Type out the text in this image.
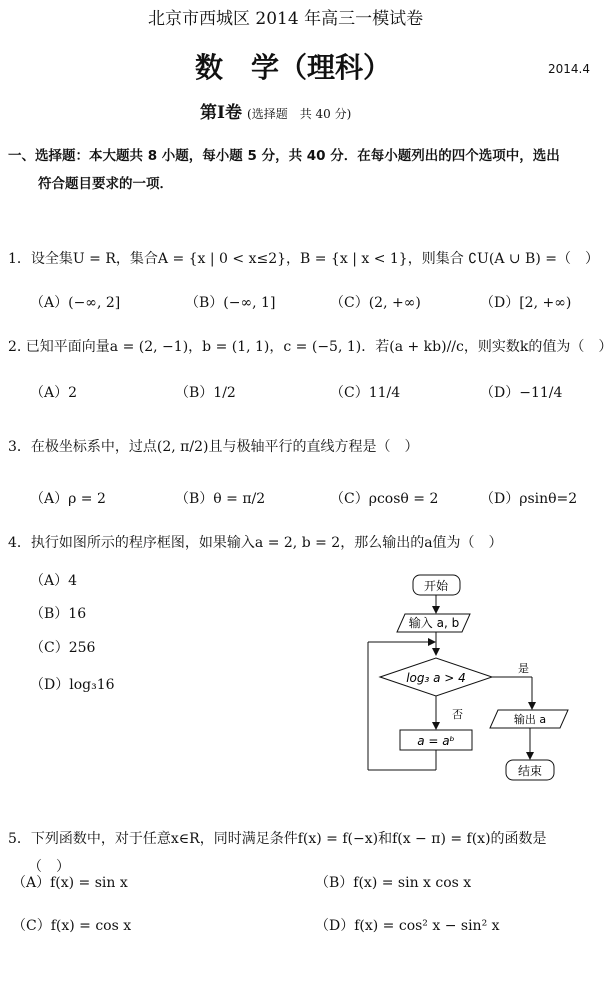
北京市西城区 2014 年高三一模试卷
数　学（理科）	2014.4
第Ⅰ卷 (选择题　共 40 分)
一、选择题：本大题共 8 小题，每小题 5 分，共 40 分．在每小题列出的四个选项中，选出
符合题目要求的一项．
1．设全集U = R，集合A = {x | 0 < x≤2}，B = {x | x < 1}，则集合 ∁U(A ∪ B) =（　）
（A）(−∞, 2]	（B）(−∞, 1]	（C）(2, +∞)	（D）[2, +∞)
2. 已知平面向量a = (2, −1)，b = (1, 1)，c = (−5, 1)．若(a + kb)//c，则实数k的值为（　）
（A）2	（B）1/2	（C）11/4	（D）−11/4
3．在极坐标系中，过点(2, π/2)且与极轴平行的直线方程是（　）
（A）ρ = 2	（B）θ = π/2	（C）ρcosθ = 2	（D）ρsinθ=2
4．执行如图所示的程序框图，如果输入a = 2, b = 2，那么输出的a值为（　）
（A）4
（B）16
（C）256
（D）log₃16
开始
输入 a, b
log₃ a > 4
是
否
a = aᵇ
输出 a
结束
5．下列函数中，对于任意x∈R，同时满足条件f(x) = f(−x)和f(x − π) = f(x)的函数是
（　）
（A）f(x) = sin x	（B）f(x) = sin x cos x
（C）f(x) = cos x	（D）f(x) = cos² x − sin² x
